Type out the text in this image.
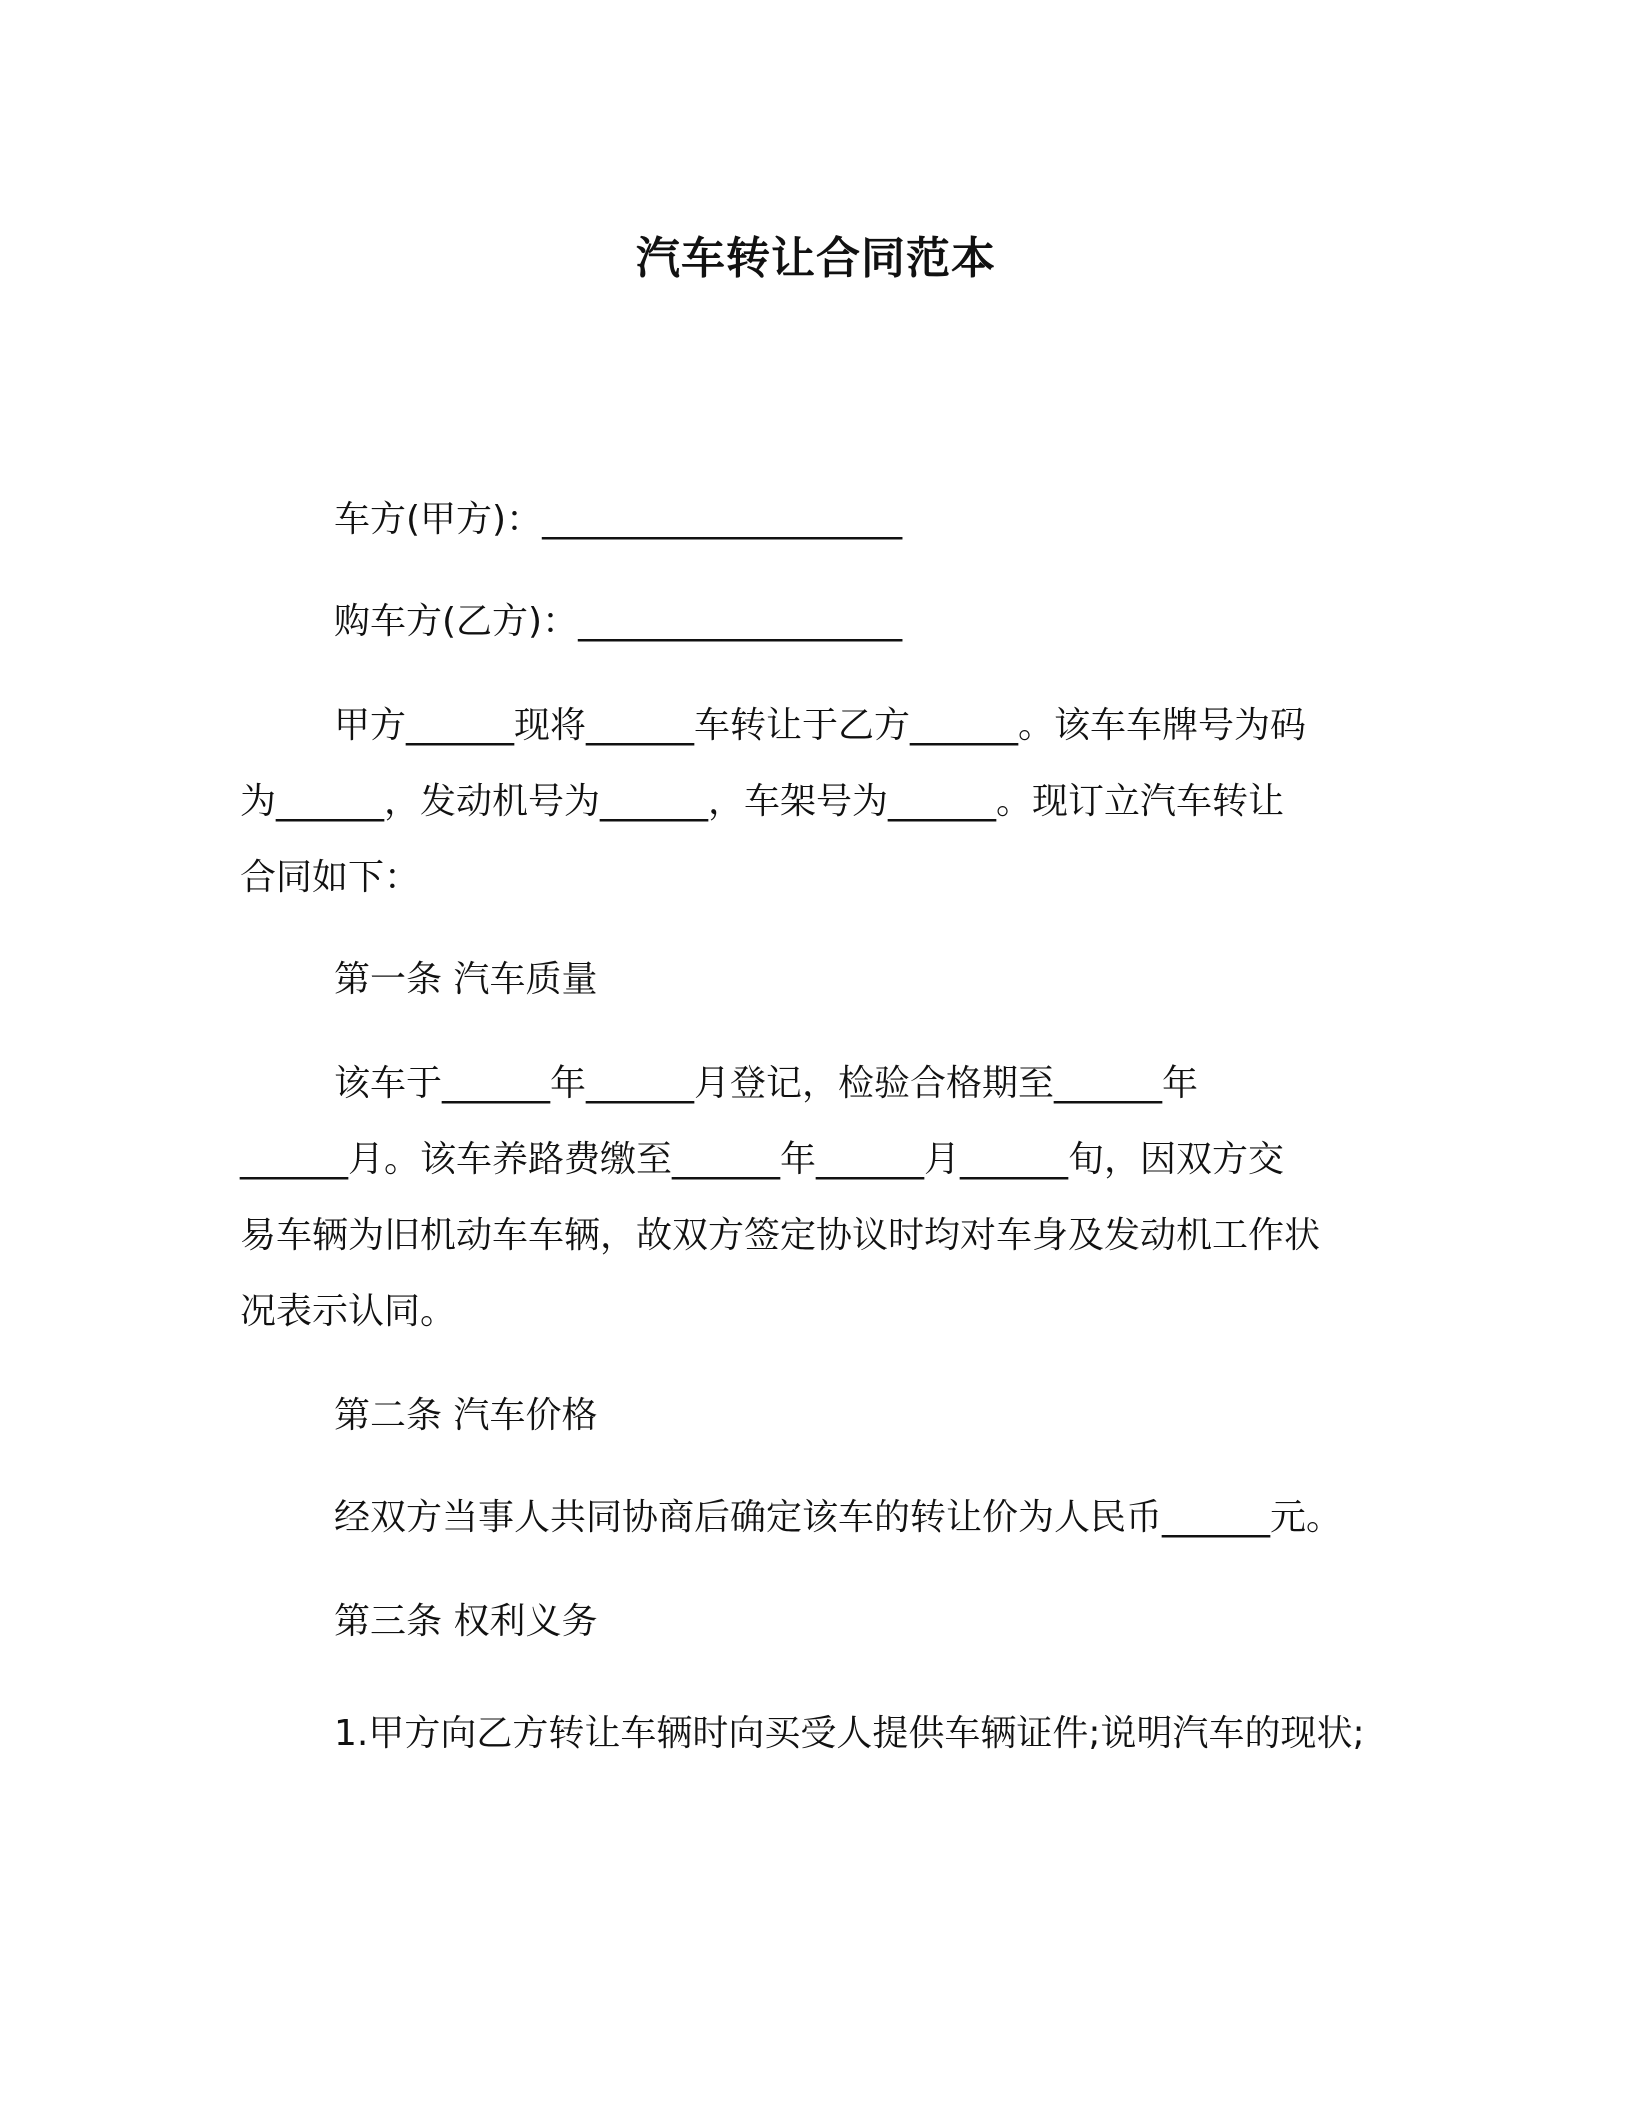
汽车转让合同范本
车方(甲方)：____________________
购车方(乙方)：__________________
甲方______现将______车转让于乙方______。该车车牌号为码
为______，发动机号为______，车架号为______。现订立汽车转让
合同如下：
第一条 汽车质量
该车于______年______月登记，检验合格期至______年
______月。该车养路费缴至______年______月______旬，因双方交
易车辆为旧机动车车辆，故双方签定协议时均对车身及发动机工作状
况表示认同。
第二条 汽车价格
经双方当事人共同协商后确定该车的转让价为人民币______元。
第三条 权利义务
1.甲方向乙方转让车辆时向买受人提供车辆证件;说明汽车的现状;
